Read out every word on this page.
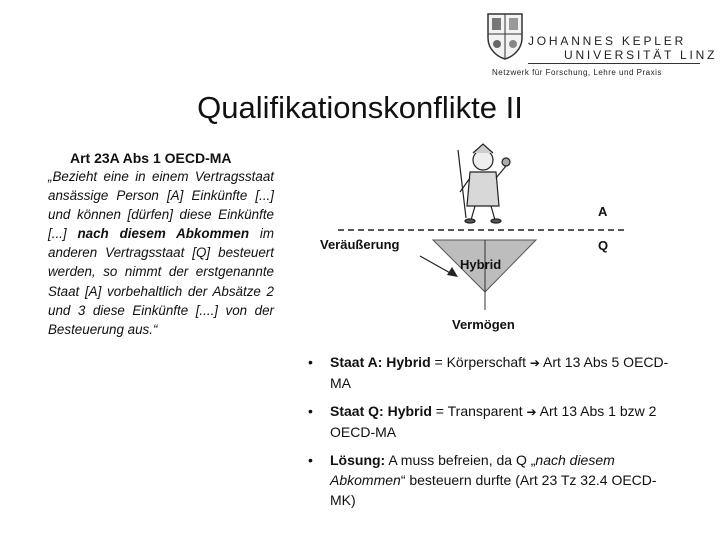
JOHANNES KEPLER
UNIVERSITÄT LINZ
Netzwerk für Forschung, Lehre und Praxis
Qualifikationskonflikte II
Art 23A Abs 1 OECD-MA
„Bezieht eine in einem Vertragsstaat ansässige Person [A] Einkünfte [...] und können [dürfen] diese Einkünfte [...] nach diesem Abkommen im anderen Vertragsstaat [Q] besteuert werden, so nimmt der erstgenannte Staat [A] vorbehaltlich der Absätze 2 und 3 diese Einkünfte [....] von der Besteuerung aus.“
A
Q
Veräußerung
Hybrid
Vermögen
• Staat A: Hybrid = Körperschaft ➔ Art 13 Abs 5 OECD-MA
• Staat Q: Hybrid = Transparent ➔ Art 13 Abs 1 bzw 2 OECD-MA
• Lösung: A muss befreien, da Q „nach diesem Abkommen“ besteuern durfte (Art 23 Tz 32.4 OECD-MK)
